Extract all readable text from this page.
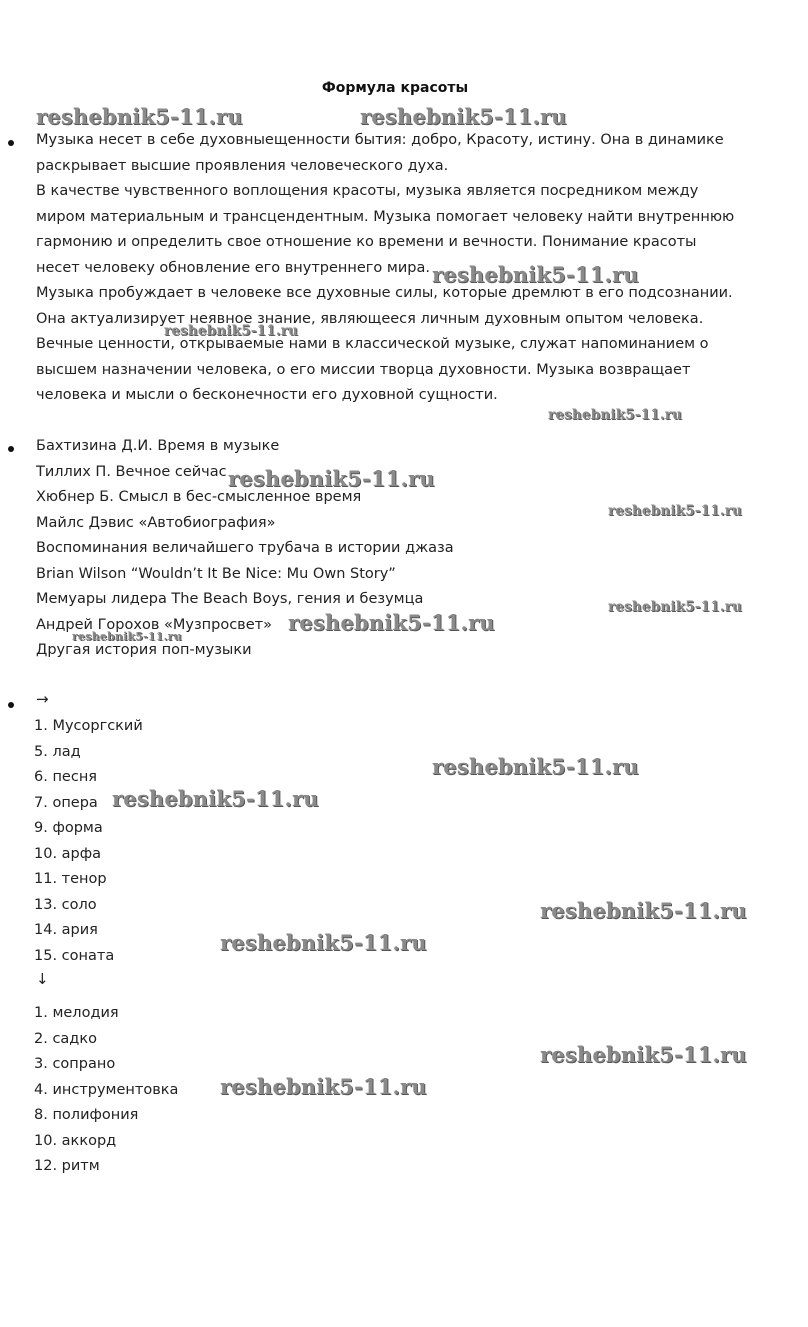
Формула красоты
Музыка несет в себе духовныещенности бытия: добро, Красоту, истину. Она в динамике
раскрывает высшие проявления человеческого духа.
В качестве чувственного воплощения красоты, музыка является посредником между
миром материальным и трансцендентным. Музыка помогает человеку найти внутреннюю
гармонию и определить свое отношение ко времени и вечности. Понимание красоты
несет человеку обновление его внутреннего мира.
Музыка пробуждает в человеке все духовные силы, которые дремлют в его подсознании.
Она актуализирует неявное знание, являющееся личным духовным опытом человека.
Вечные ценности, открываемые нами в классической музыке, служат напоминанием о
высшем назначении человека, о его миссии творца духовности. Музыка возвращает
человека и мысли о бесконечности его духовной сущности.
Бахтизина Д.И. Время в музыке
Тиллих П. Вечное сейчас
Хюбнер Б. Смысл в бес-смысленное время
Майлс Дэвис «Автобиография»
Воспоминания величайшего трубача в истории джаза
Brian Wilson “Wouldn’t It Be Nice: Mu Own Story”
Мемуары лидера The Beach Boys, гения и безумца
Андрей Горохов «Музпросвет»
Другая история поп-музыки
→
1. Мусоргский
5. лад
6. песня
7. опера
9. форма
10. арфа
11. тенор
13. соло
14. ария
15. соната
↓
1. мелодия
2. садко
3. сопрано
4. инструментовка
8. полифония
10. аккорд
12. ритм
reshebnik5-11.ru	reshebnik5-11.ru
reshebnik5-11.ru
reshebnik5-11.ru
reshebnik5-11.ru
reshebnik5-11.ru
reshebnik5-11.ru
reshebnik5-11.ru
reshebnik5-11.ru
reshebnik5-11.ru
reshebnik5-11.ru
reshebnik5-11.ru
reshebnik5-11.ru
reshebnik5-11.ru
reshebnik5-11.ru
reshebnik5-11.ru
